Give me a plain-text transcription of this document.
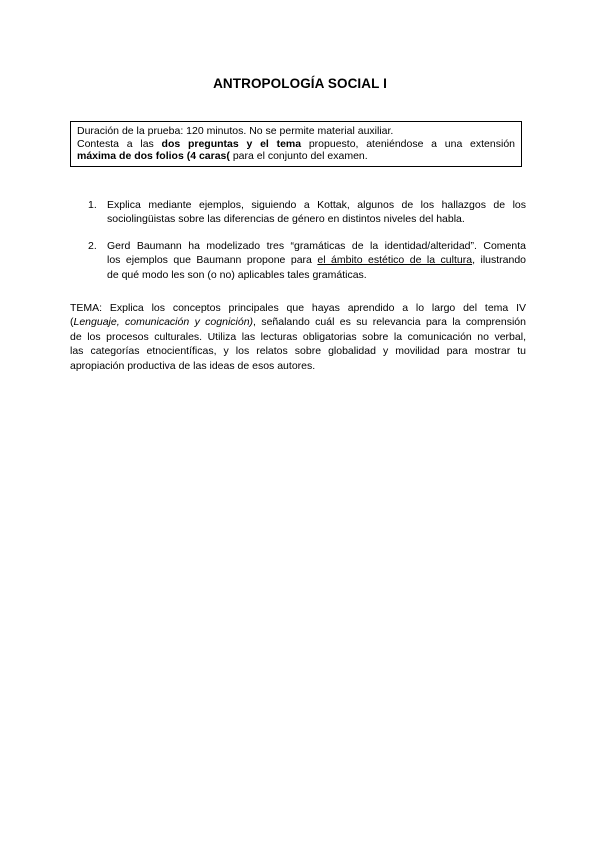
ANTROPOLOGÍA SOCIAL I
Duración de la prueba: 120 minutos. No se permite material auxiliar.
Contesta a las dos preguntas y el tema propuesto, ateniéndose a una extensión
máxima de dos folios (4 caras( para el conjunto del examen.
1. Explica mediante ejemplos, siguiendo a Kottak, algunos de los hallazgos de los
sociolingüistas sobre las diferencias de género en distintos niveles del habla.
2. Gerd Baumann ha modelizado tres “gramáticas de la identidad/alteridad”. Comenta
los ejemplos que Baumann propone para el ámbito estético de la cultura, ilustrando
de qué modo les son (o no) aplicables tales gramáticas.
TEMA: Explica los conceptos principales que hayas aprendido a lo largo del tema IV
(Lenguaje, comunicación y cognición), señalando cuál es su relevancia para la comprensión
de los procesos culturales. Utiliza las lecturas obligatorias sobre la comunicación no verbal,
las categorías etnocientíficas, y los relatos sobre globalidad y movilidad para mostrar tu
apropiación productiva de las ideas de esos autores.
